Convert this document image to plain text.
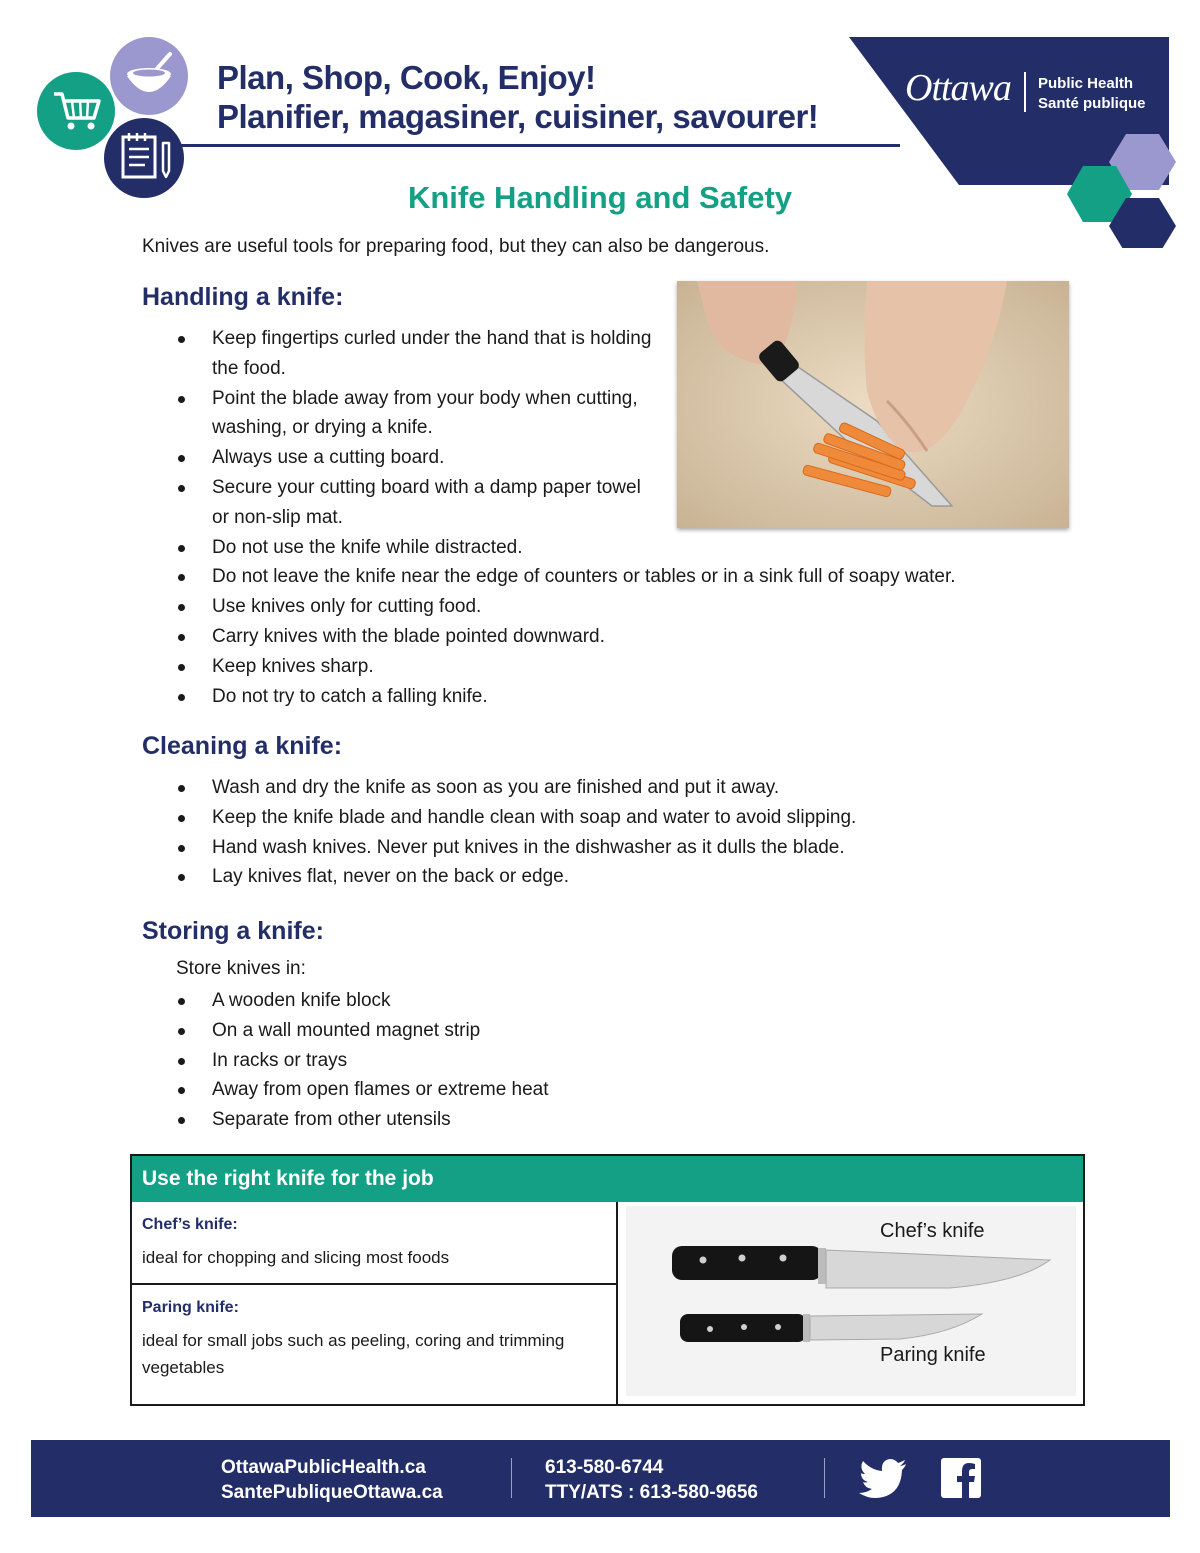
Plan, Shop, Cook, Enjoy!
Planifier, magasiner, cuisiner, savourer!
Ottawa Public Health
Santé publique
Knife Handling and Safety
Knives are useful tools for preparing food, but they can also be dangerous.
Handling a knife:
Keep fingertips curled under the hand that is holding the food.
Point the blade away from your body when cutting, washing, or drying a knife.
Always use a cutting board.
Secure your cutting board with a damp paper towel or non-slip mat.
Do not use the knife while distracted.
Do not leave the knife near the edge of counters or tables or in a sink full of soapy water.
Use knives only for cutting food.
Carry knives with the blade pointed downward.
Keep knives sharp.
Do not try to catch a falling knife.
Cleaning a knife:
Wash and dry the knife as soon as you are finished and put it away.
Keep the knife blade and handle clean with soap and water to avoid slipping.
Hand wash knives. Never put knives in the dishwasher as it dulls the blade.
Lay knives flat, never on the back or edge.
Storing a knife:
Store knives in:
A wooden knife block
On a wall mounted magnet strip
In racks or trays
Away from open flames or extreme heat
Separate from other utensils
Use the right knife for the job
Chef’s knife:
ideal for chopping and slicing most foods
Paring knife:
ideal for small jobs such as peeling, coring and trimming vegetables
Chef’s knife
Paring knife
OttawaPublicHealth.ca
SantePubliqueOttawa.ca
613-580-6744
TTY/ATS : 613-580-9656
